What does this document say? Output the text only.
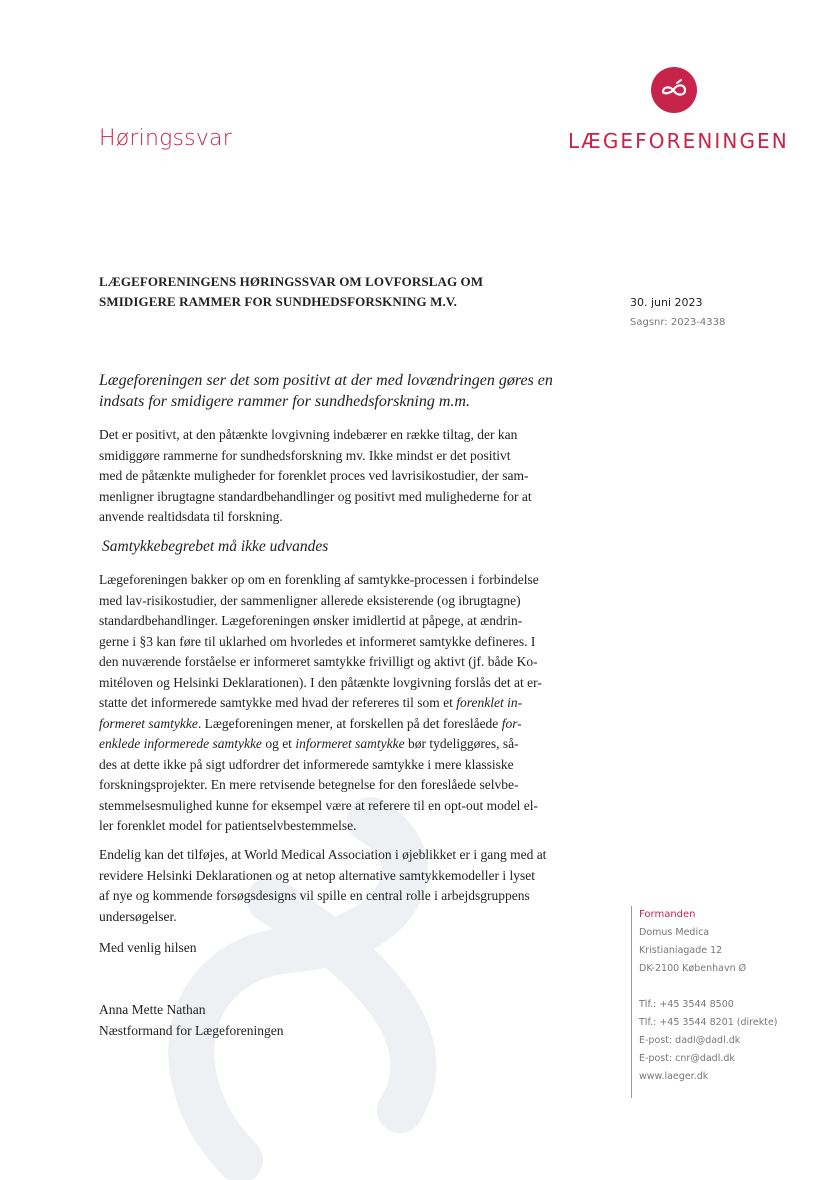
Høringssvar	LÆGEFORENINGEN
LÆGEFORENINGENS HØRINGSSVAR OM LOVFORSLAG OM
SMIDIGERE RAMMER FOR SUNDHEDSFORSKNING M.V.	30. juni 2023
Sagsnr: 2023-4338
Lægeforeningen ser det som positivt at der med lovændringen gøres en
indsats for smidigere rammer for sundhedsforskning m.m.
Det er positivt, at den påtænkte lovgivning indebærer en række tiltag, der kan
smidiggøre rammerne for sundhedsforskning mv. Ikke mindst er det positivt
med de påtænkte muligheder for forenklet proces ved lavrisikostudier, der sam-
menligner ibrugtagne standardbehandlinger og positivt med mulighederne for at
anvende realtidsdata til forskning.
Samtykkebegrebet må ikke udvandes
Lægeforeningen bakker op om en forenkling af samtykke-processen i forbindelse
med lav-risikostudier, der sammenligner allerede eksisterende (og ibrugtagne)
standardbehandlinger. Lægeforeningen ønsker imidlertid at påpege, at ændrin-
gerne i §3 kan føre til uklarhed om hvorledes et informeret samtykke defineres. I
den nuværende forståelse er informeret samtykke frivilligt og aktivt (jf. både Ko-
mitéloven og Helsinki Deklarationen). I den påtænkte lovgivning forslås det at er-
statte det informerede samtykke med hvad der refereres til som et forenklet in-
formeret samtykke. Lægeforeningen mener, at forskellen på det foreslåede for-
enklede informerede samtykke og et informeret samtykke bør tydeliggøres, så-
des at dette ikke på sigt udfordrer det informerede samtykke i mere klassiske
forskningsprojekter. En mere retvisende betegnelse for den foreslåede selvbe-
stemmelsesmulighed kunne for eksempel være at referere til en opt-out model el-
ler forenklet model for patientselvbestemmelse.
Endelig kan det tilføjes, at World Medical Association i øjeblikket er i gang med at
revidere Helsinki Deklarationen og at netop alternative samtykkemodeller i lyset
af nye og kommende forsøgsdesigns vil spille en central rolle i arbejdsgruppens
undersøgelser.
Med venlig hilsen
Anna Mette Nathan
Næstformand for Lægeforeningen
Formanden
Domus Medica
Kristianiagade 12
DK-2100 København Ø
Tlf.: +45 3544 8500
Tlf.: +45 3544 8201 (direkte)
E-post: dadl@dadl.dk
E-post: cnr@dadl.dk
www.laeger.dk
